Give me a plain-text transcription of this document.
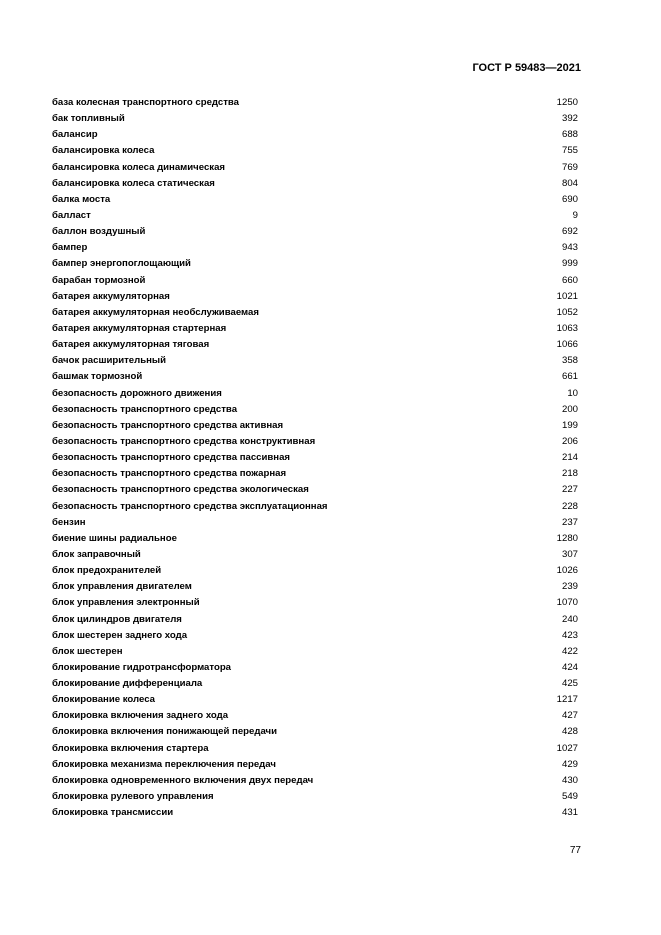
ГОСТ Р 59483—2021
база колесная транспортного средства	1250
бак топливный	392
балансир	688
балансировка колеса	755
балансировка колеса динамическая	769
балансировка колеса статическая	804
балка моста	690
балласт	9
баллон воздушный	692
бампер	943
бампер энергопоглощающий	999
барабан тормозной	660
батарея аккумуляторная	1021
батарея аккумуляторная необслуживаемая	1052
батарея аккумуляторная стартерная	1063
батарея аккумуляторная тяговая	1066
бачок расширительный	358
башмак тормозной	661
безопасность дорожного движения	10
безопасность транспортного средства	200
безопасность транспортного средства активная	199
безопасность транспортного средства конструктивная	206
безопасность транспортного средства пассивная	214
безопасность транспортного средства пожарная	218
безопасность транспортного средства экологическая	227
безопасность транспортного средства эксплуатационная	228
бензин	237
биение шины радиальное	1280
блок заправочный	307
блок предохранителей	1026
блок управления двигателем	239
блок управления электронный	1070
блок цилиндров двигателя	240
блок шестерен заднего хода	423
блок шестерен	422
блокирование гидротрансформатора	424
блокирование дифференциала	425
блокирование колеса	1217
блокировка включения заднего хода	427
блокировка включения понижающей передачи	428
блокировка включения стартера	1027
блокировка механизма переключения передач	429
блокировка одновременного включения двух передач	430
блокировка рулевого управления	549
блокировка трансмиссии	431
77
